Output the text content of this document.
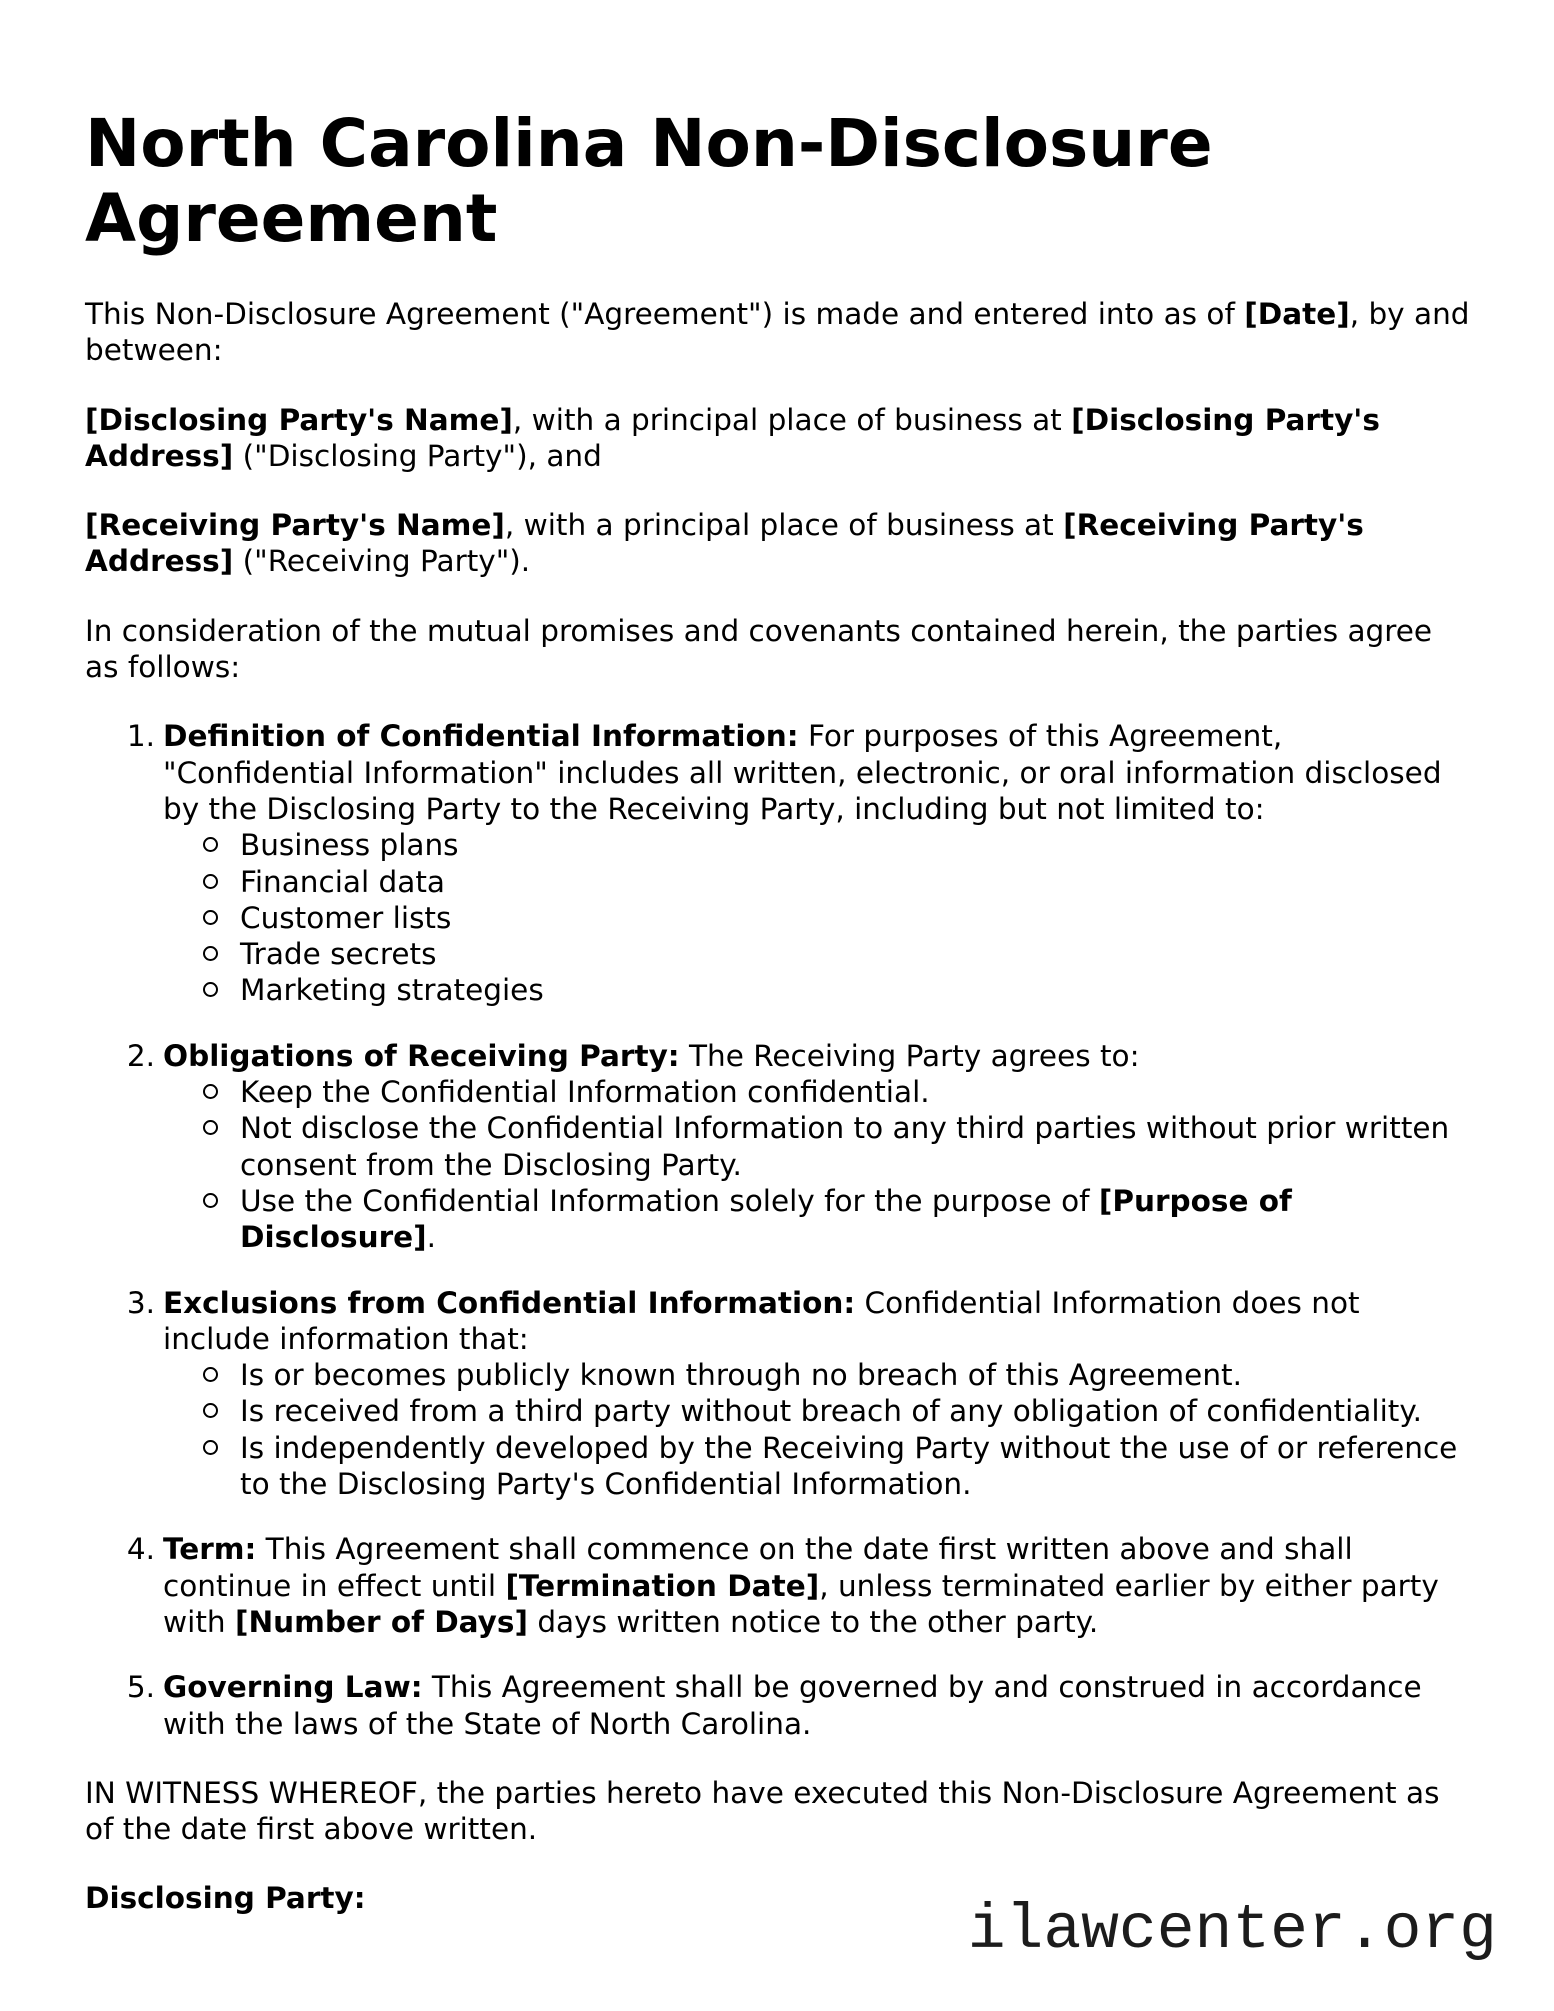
North Carolina Non-Disclosure Agreement

This Non-Disclosure Agreement ("Agreement") is made and entered into as of [Date], by and between:

[Disclosing Party's Name], with a principal place of business at [Disclosing Party's Address] ("Disclosing Party"), and

[Receiving Party's Name], with a principal place of business at [Receiving Party's Address] ("Receiving Party").

In consideration of the mutual promises and covenants contained herein, the parties agree as follows:

Definition of Confidential Information: For purposes of this Agreement, "Confidential Information" includes all written, electronic, or oral information disclosed by the Disclosing Party to the Receiving Party, including but not limited to:
Business plans
Financial data
Customer lists
Trade secrets
Marketing strategies
Obligations of Receiving Party: The Receiving Party agrees to:
Keep the Confidential Information confidential.
Not disclose the Confidential Information to any third parties without prior written consent from the Disclosing Party.
Use the Confidential Information solely for the purpose of [Purpose of Disclosure].
Exclusions from Confidential Information: Confidential Information does not include information that:
Is or becomes publicly known through no breach of this Agreement.
Is received from a third party without breach of any obligation of confidentiality.
Is independently developed by the Receiving Party without the use of or reference to the Disclosing Party's Confidential Information.
Term: This Agreement shall commence on the date first written above and shall continue in effect until [Termination Date], unless terminated earlier by either party with [Number of Days] days written notice to the other party.
Governing Law: This Agreement shall be governed by and construed in accordance with the laws of the State of North Carolina.

IN WITNESS WHEREOF, the parties hereto have executed this Non-Disclosure Agreement as of the date first above written.

Disclosing Party:	ilawcenter.org
